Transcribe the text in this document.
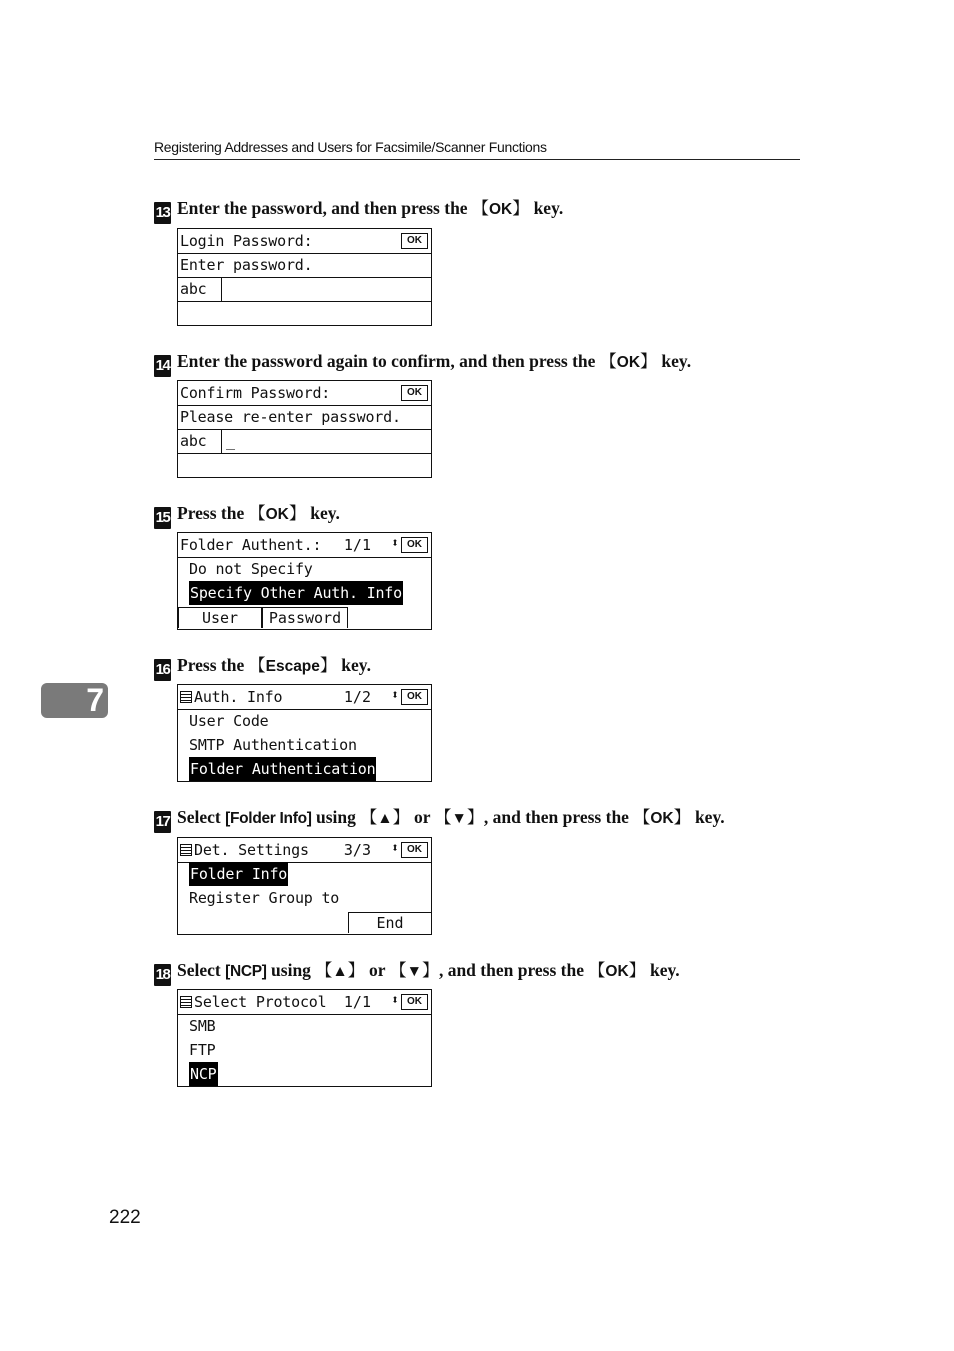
Registering Addresses and Users for Facsimile/Scanner Functions
13 Enter the password, and then press the 【OK】 key.
Login Password:	OK
Enter password.
abc
14 Enter the password again to confirm, and then press the 【OK】 key.
Confirm Password:	OK
Please re-enter password.
abc _
15 Press the 【OK】 key.
Folder Authent.: 1/1 ⬍ OK
Do not Specify
Specify Other Auth. Info
User	Password
16 Press the 【Escape】 key.
Auth. Info	1/2 ⬍ OK
User Code
SMTP Authentication
Folder Authentication
17 Select [Folder Info] using 【▲】 or 【▼】, and then press the 【OK】 key.
Det. Settings 3/3 ⬍ OK
Folder Info
Register Group to
End
18 Select [NCP] using 【▲】 or 【▼】, and then press the 【OK】 key.
Select Protocol 1/1 ⬍ OK
SMB
FTP
NCP
7
222
